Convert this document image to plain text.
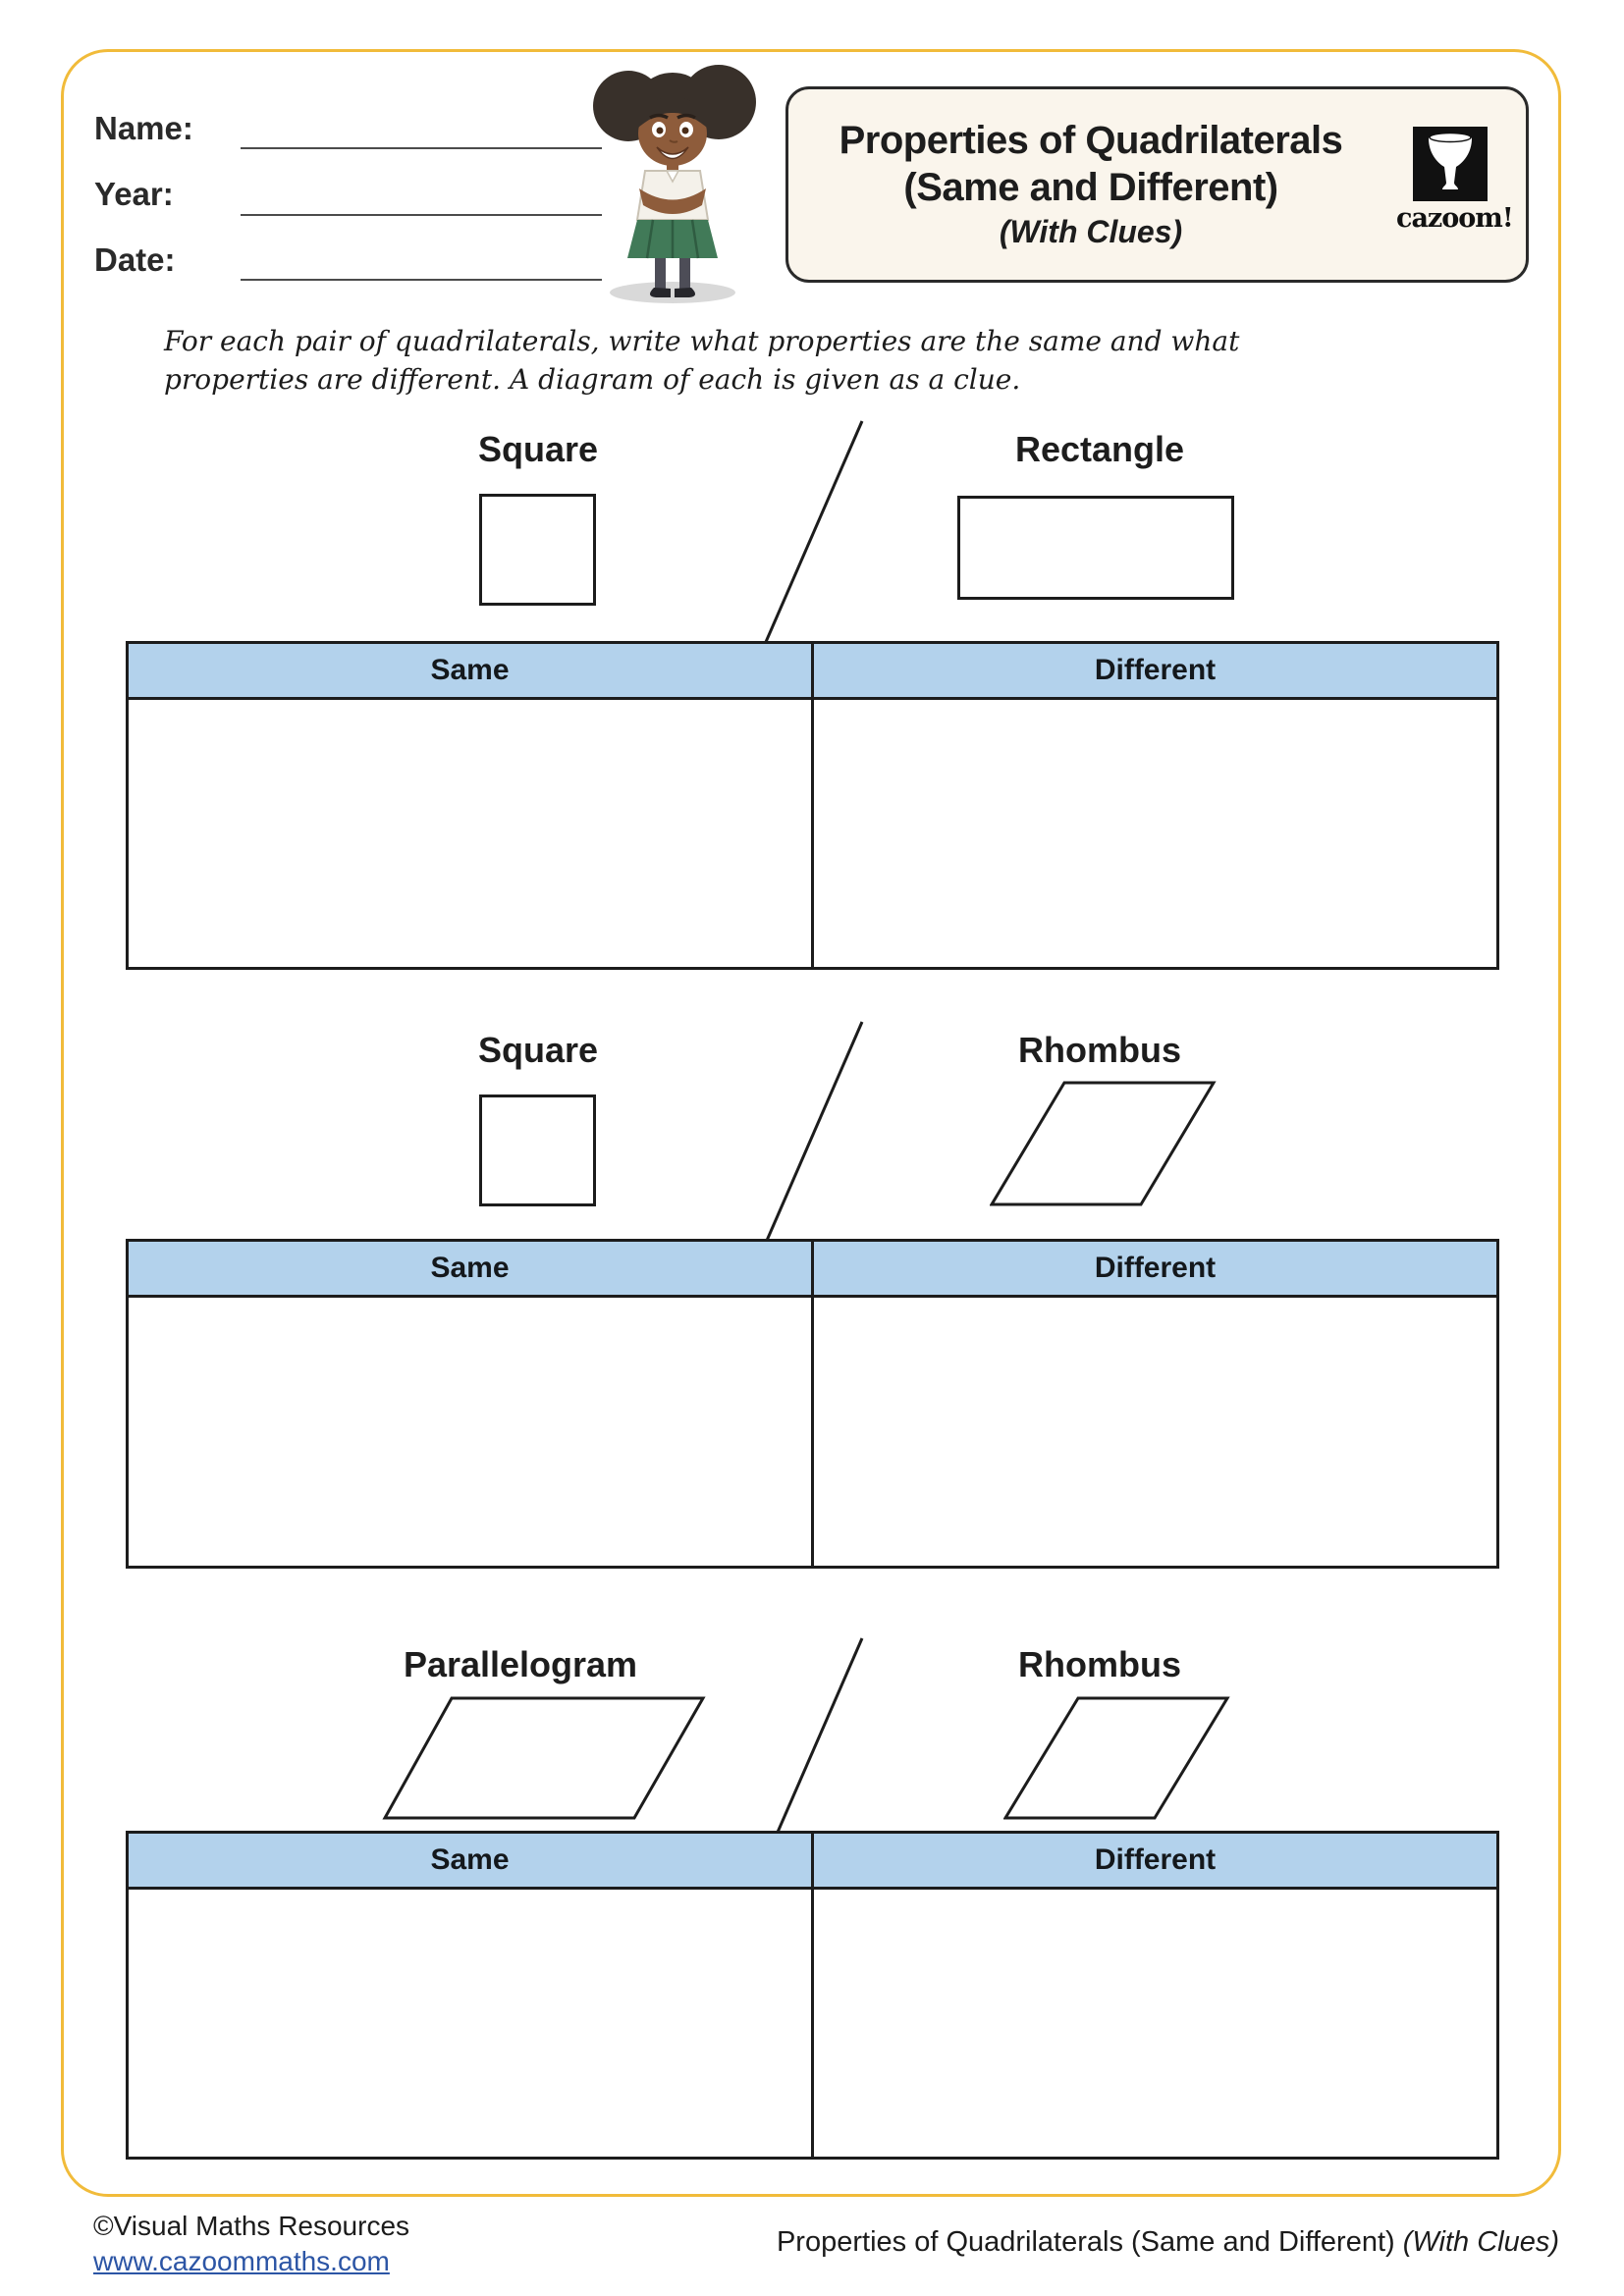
Name:
Year:
Date:
Properties of Quadrilaterals
(Same and Different)
(With Clues)	cazoom!
For each pair of quadrilaterals, write what properties are the same and what
properties are different. A diagram of each is given as a clue.
Square	Rectangle
Same	Different
Square	Rhombus
Same	Different
Parallelogram	Rhombus
Same	Different
©Visual Maths Resources
www.cazoommaths.com
Properties of Quadrilaterals (Same and Different) (With Clues)
